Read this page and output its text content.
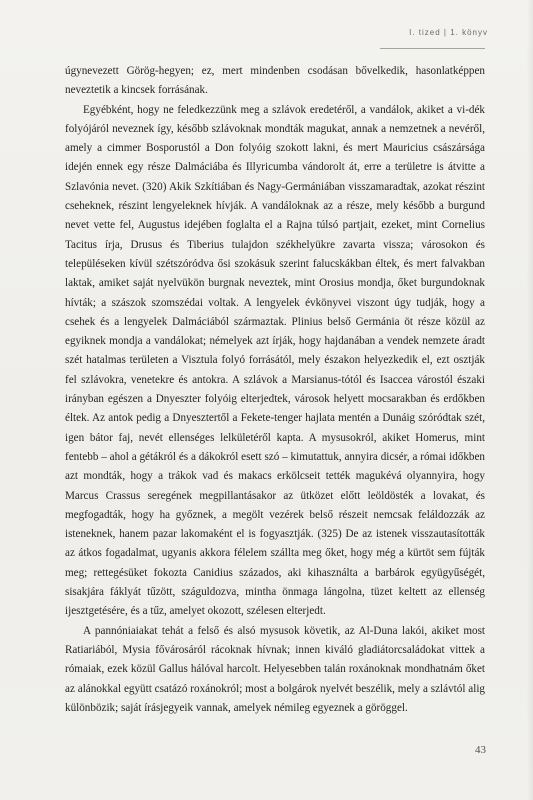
I. tized | 1. könyv

úgynevezett Görög-hegyen; ez, mert mindenben csodásan bővelkedik, hasonlatképpen neveztetik a kincsek forrásának.

Egyébként, hogy ne feledkezzünk meg a szlávok eredetéről, a vandálok, akiket a vi-dék folyójáról neveznek így, később szlávoknak mondták magukat, annak a nemzetnek a nevéről, amely a cimmer Bosporustól a Don folyóig szokott lakni, és mert Mauricius császársága idején ennek egy része Dalmáciába és Illyricumba vándorolt át, erre a területre is átvitte a Szlavónia nevet. (320) Akik Szkítiában és Nagy-Germániában visszamaradtak, azokat részint cseheknek, részint lengyeleknek hívják. A vandáloknak az a része, mely később a burgund nevet vette fel, Augustus idejében foglalta el a Rajna túlsó partjait, ezeket, mint Cornelius Tacitus írja, Drusus és Tiberius tulajdon székhelyükre zavarta vissza; városokon és településeken kívül szétszóródva ősi szokásuk szerint falucskákban éltek, és mert falvakban laktak, amiket saját nyelvükön burgnak neveztek, mint Orosius mondja, őket burgundoknak hívták; a szászok szomszédai voltak. A lengyelek évkönyvei viszont úgy tudják, hogy a csehek és a lengyelek Dalmáciából származtak. Plinius belső Germánia öt része közül az egyiknek mondja a vandálokat; némelyek azt írják, hogy hajdanában a vendek nemzete áradt szét hatalmas területen a Visztula folyó forrásától, mely északon helyezkedik el, ezt osztják fel szlávokra, venetekre és antokra. A szlávok a Marsianus-tótól és Isaccea várostól északi irányban egészen a Dnyeszter folyóig elterjedtek, városok helyett mocsarakban és erdőkben éltek. Az antok pedig a Dnyesztertől a Fekete-tenger hajlata mentén a Dunáig szóródtak szét, igen bátor faj, nevét ellenséges lelkületéről kapta. A mysusokról, akiket Homerus, mint fentebb – ahol a gétákról és a dákokról esett szó – kimutattuk, annyira dicsér, a római időkben azt mondták, hogy a trákok vad és makacs erkölcseit tették magukévá olyannyira, hogy Marcus Crassus seregének megpillantásakor az ütközet előtt leöldösték a lovakat, és megfogadták, hogy ha győznek, a megölt vezérek belső részeit nemcsak feláldozzák az isteneknek, hanem pazar lakomaként el is fogyasztják. (325) De az istenek visszautasították az átkos fogadalmat, ugyanis akkora félelem szállta meg őket, hogy még a kürtöt sem fújták meg; rettegésüket fokozta Canidius százados, aki kihasználta a barbárok együgyűségét, sisakjára fáklyát tűzött, száguldozva, mintha önmaga lángolna, tüzet keltett az ellenség ijesztgetésére, és a tűz, amelyet okozott, szélesen elterjedt.

A pannóniaiakat tehát a felső és alsó mysusok követik, az Al-Duna lakói, akiket most Ratiariából, Mysia fővárosáról rácoknak hívnak; innen kiváló gladiátorcsaládokat vittek a rómaiak, ezek közül Gallus hálóval harcolt. Helyesebben talán roxánoknak mondhatnám őket az alánokkal együtt csatázó roxánokról; most a bolgárok nyelvét beszélik, mely a szlávtól alig különbözik; saját írásjegyeik vannak, amelyek némileg egyeznek a göröggel.

43
